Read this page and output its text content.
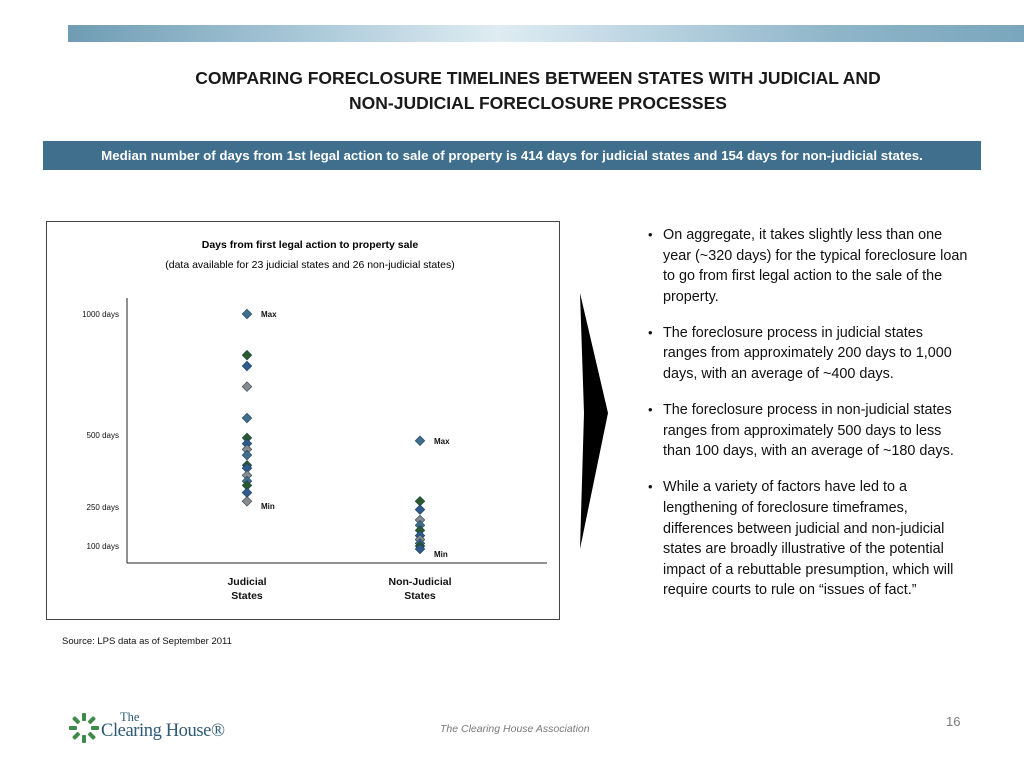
COMPARING FORECLOSURE TIMELINES BETWEEN STATES WITH JUDICIAL AND
NON-JUDICIAL FORECLOSURE PROCESSES
Median number of days from 1st legal action to sale of property is 414 days for judicial states and 154 days for non-judicial states.
Days from first legal action to property sale
(data available for 23 judicial states and 26 non-judicial states)
1000 days
500 days
250 days
100 days
Max
Min
Max
Min
Judicial
States
Non-Judicial
States
Source: LPS data as of September 2011
• On aggregate, it takes slightly less than one year (~320 days) for the typical foreclosure loan to go from first legal action to the sale of the property.
• The foreclosure process in judicial states ranges from approximately 200 days to 1,000 days, with an average of ~400 days.
• The foreclosure process in non-judicial states ranges from approximately 500 days to less than 100 days, with an average of ~180 days.
• While a variety of factors have led to a lengthening of foreclosure timeframes, differences between judicial and non-judicial states are broadly illustrative of the potential impact of a rebuttable presumption, which will require courts to rule on “issues of fact.”
The
Clearing House®	The Clearing House Association	16
